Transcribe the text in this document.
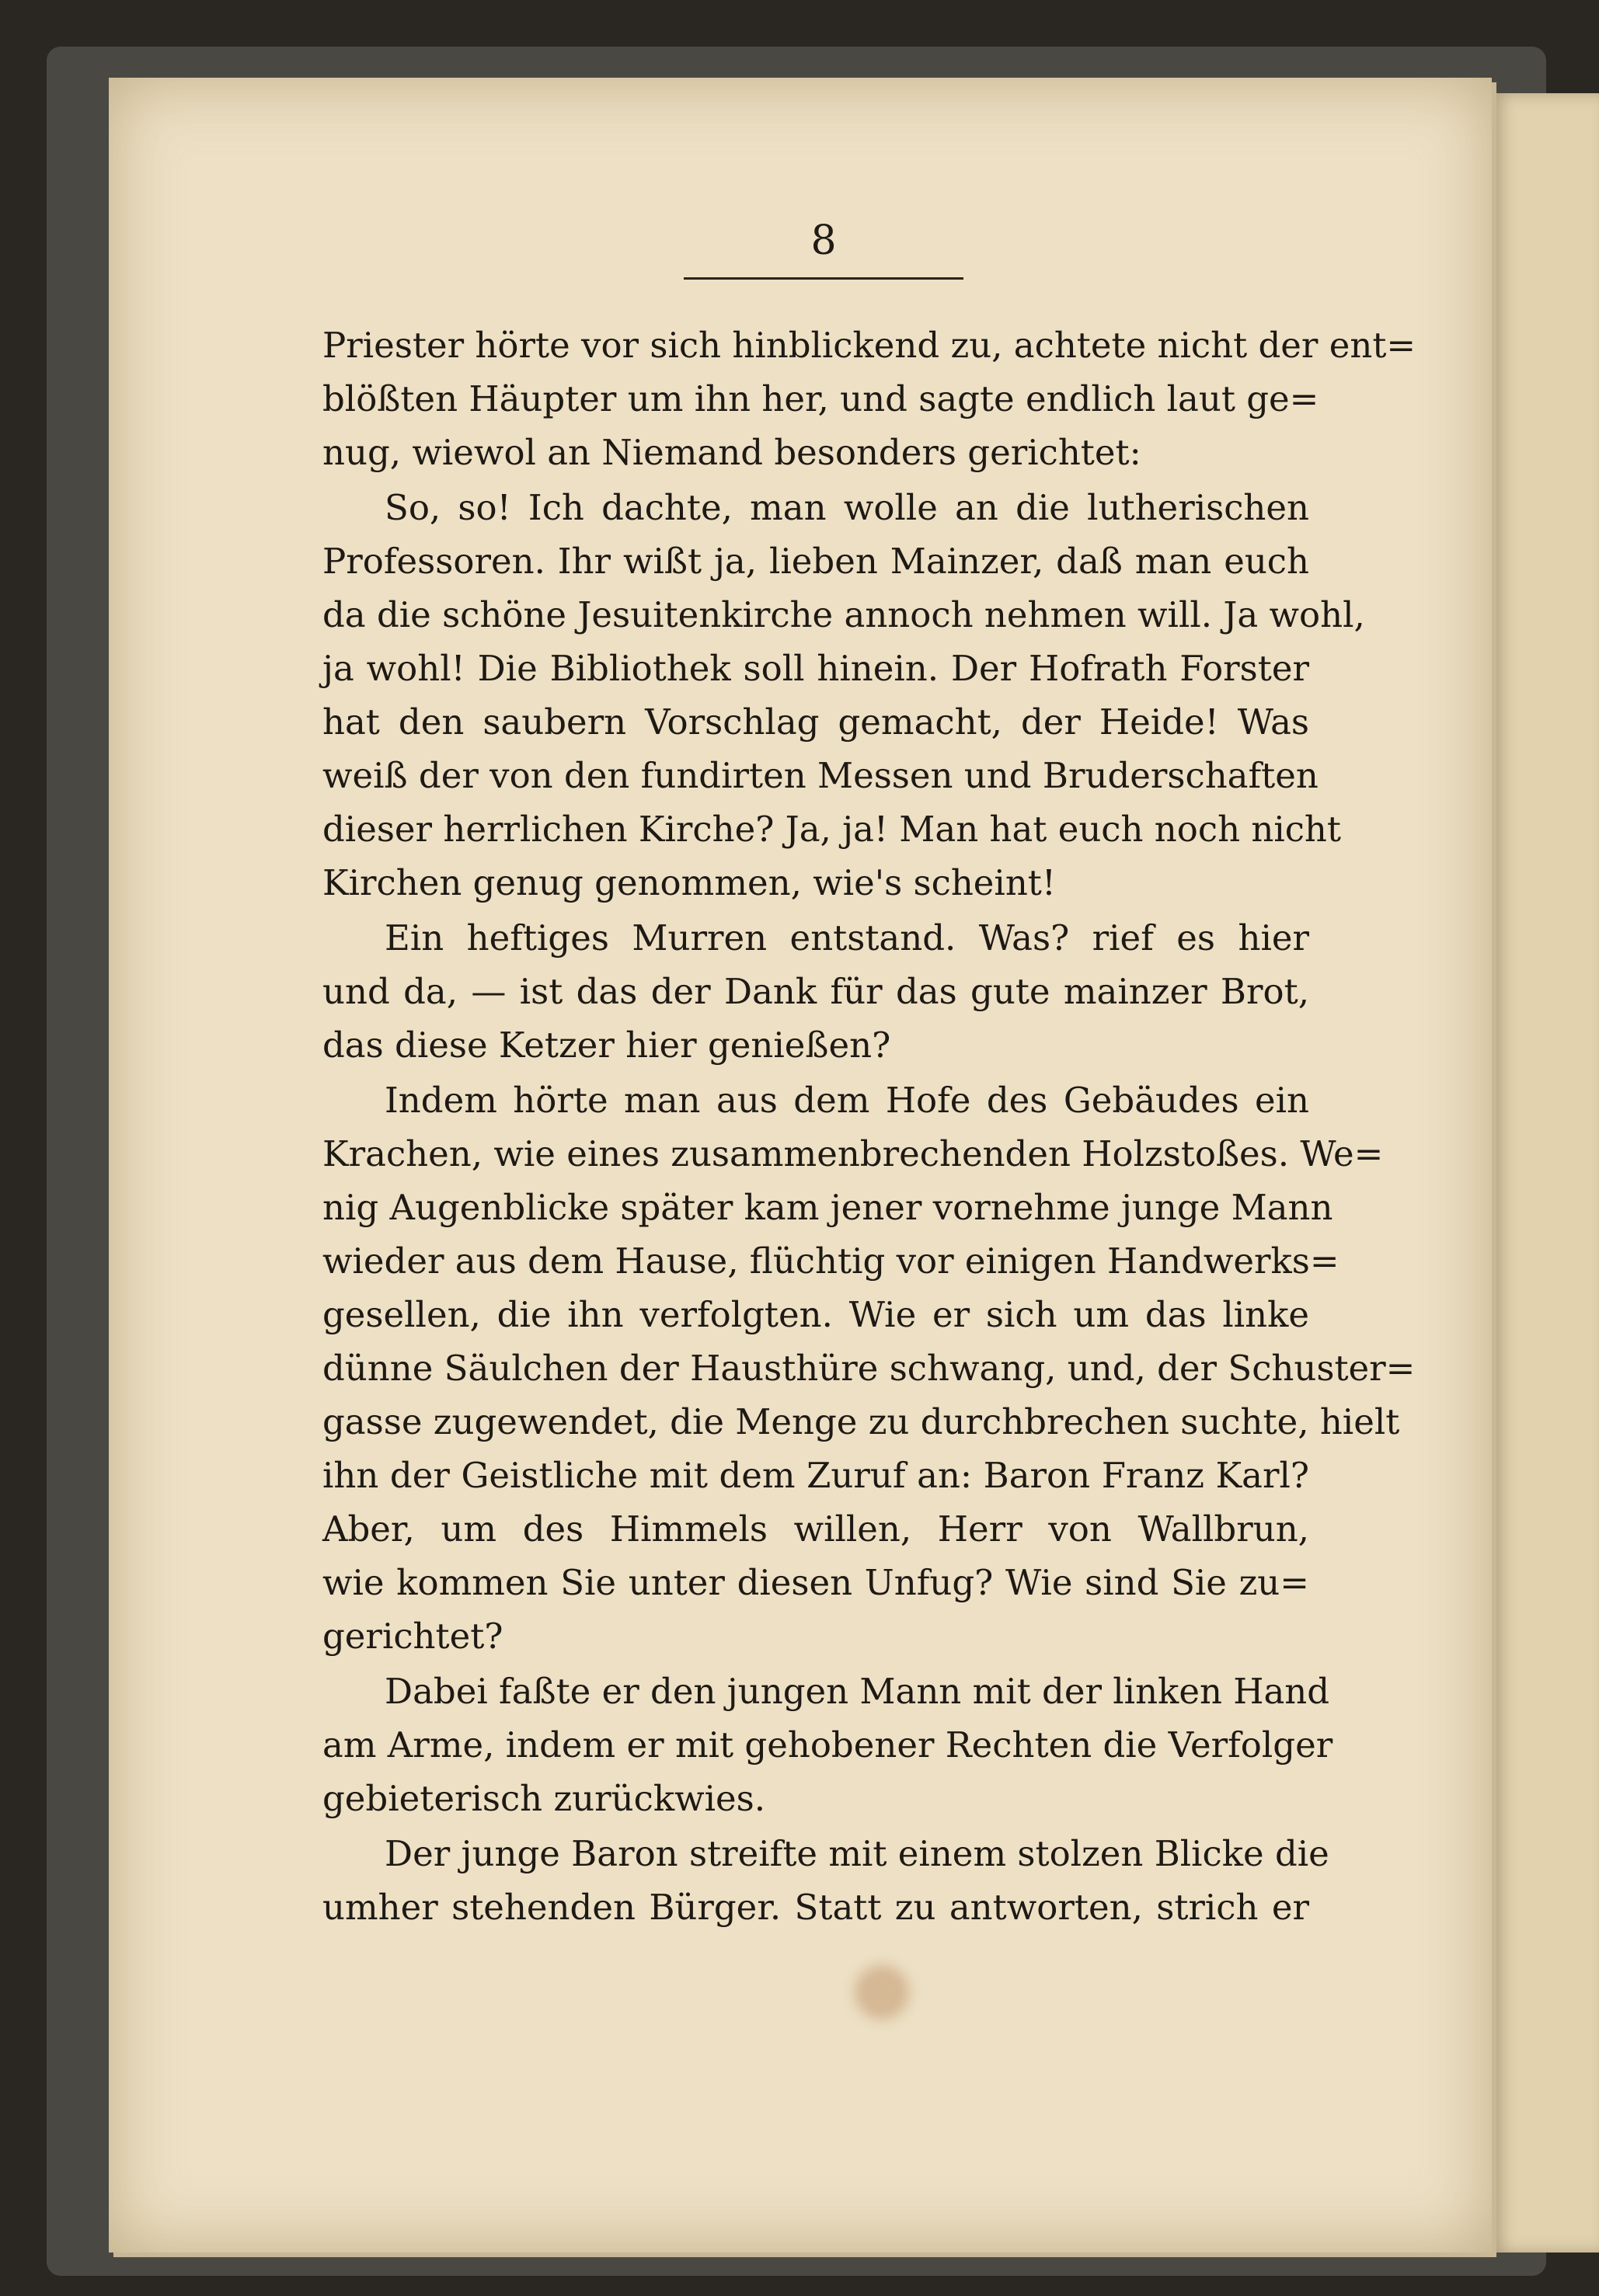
8
Priester hörte vor sich hinblickend zu, achtete nicht der ent=
blößten Häupter um ihn her, und sagte endlich laut ge=
nug, wiewol an Niemand besonders gerichtet:
So, so! Ich dachte, man wolle an die lutherischen
Professoren. Ihr wißt ja, lieben Mainzer, daß man euch
da die schöne Jesuitenkirche annoch nehmen will. Ja wohl,
ja wohl! Die Bibliothek soll hinein. Der Hofrath Forster
hat den saubern Vorschlag gemacht, der Heide! Was
weiß der von den fundirten Messen und Bruderschaften
dieser herrlichen Kirche? Ja, ja! Man hat euch noch nicht
Kirchen genug genommen, wie's scheint!
Ein heftiges Murren entstand. Was? rief es hier
und da, — ist das der Dank für das gute mainzer Brot,
das diese Ketzer hier genießen?
Indem hörte man aus dem Hofe des Gebäudes ein
Krachen, wie eines zusammenbrechenden Holzstoßes. We=
nig Augenblicke später kam jener vornehme junge Mann
wieder aus dem Hause, flüchtig vor einigen Handwerks=
gesellen, die ihn verfolgten. Wie er sich um das linke
dünne Säulchen der Hausthüre schwang, und, der Schuster=
gasse zugewendet, die Menge zu durchbrechen suchte, hielt
ihn der Geistliche mit dem Zuruf an: Baron Franz Karl?
Aber, um des Himmels willen, Herr von Wallbrun,
wie kommen Sie unter diesen Unfug? Wie sind Sie zu=
gerichtet?
Dabei faßte er den jungen Mann mit der linken Hand
am Arme, indem er mit gehobener Rechten die Verfolger
gebieterisch zurückwies.
Der junge Baron streifte mit einem stolzen Blicke die
umher stehenden Bürger. Statt zu antworten, strich er
